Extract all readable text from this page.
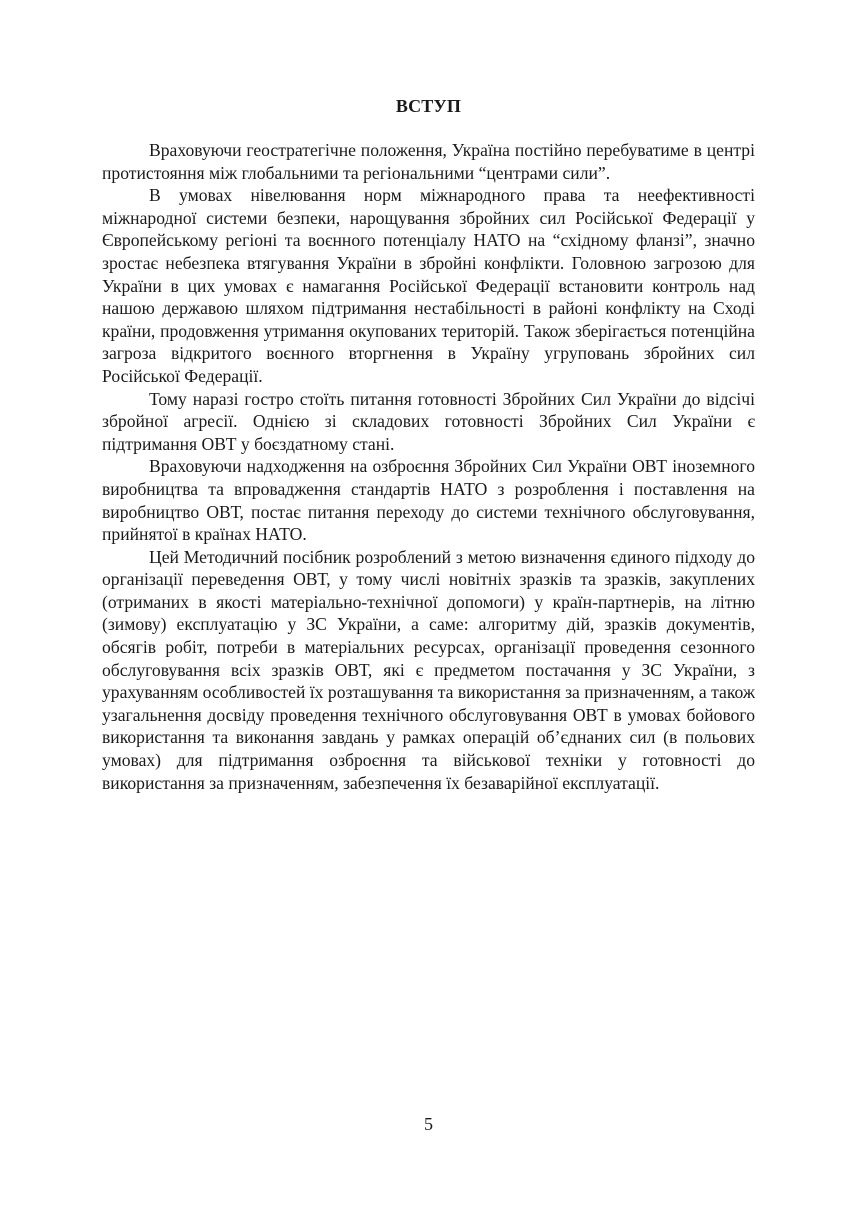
ВСТУП

Враховуючи геостратегічне положення, Україна постійно перебуватиме в центрі протистояння між глобальними та регіональними “центрами сили”.

В умовах нівелювання норм міжнародного права та неефективності міжнародної системи безпеки, нарощування збройних сил Російської Федерації у Європейському регіоні та воєнного потенціалу НАТО на “східному фланзі”, значно зростає небезпека втягування України в збройні конфлікти. Головною загрозою для України в цих умовах є намагання Російської Федерації встановити контроль над нашою державою шляхом підтримання нестабільності в районі конфлікту на Сході країни, продовження утримання окупованих територій. Також зберігається потенційна загроза відкритого воєнного вторгнення в Україну угруповань збройних сил Російської Федерації.

Тому наразі гостро стоїть питання готовності Збройних Сил України до відсічі збройної агресії. Однією зі складових готовності Збройних Сил України є підтримання ОВТ у боєздатному стані.

Враховуючи надходження на озброєння Збройних Сил України ОВТ іноземного виробництва та впровадження стандартів НАТО з розроблення і поставлення на виробництво ОВТ, постає питання переходу до системи технічного обслуговування, прийнятої в країнах НАТО.

Цей Методичний посібник розроблений з метою визначення єдиного підходу до організації переведення ОВТ, у тому числі новітніх зразків та зразків, закуплених (отриманих в якості матеріально-технічної допомоги) у країн-партнерів, на літню (зимову) експлуатацію у ЗС України, а саме: алгоритму дій, зразків документів, обсягів робіт, потреби в матеріальних ресурсах, організації проведення сезонного обслуговування всіх зразків ОВТ, які є предметом постачання у ЗС України, з урахуванням особливостей їх розташування та використання за призначенням, а також узагальнення досвіду проведення технічного обслуговування ОВТ в умовах бойового використання та виконання завдань у рамках операцій об’єднаних сил (в польових умовах) для підтримання озброєння та військової техніки у готовності до використання за призначенням, забезпечення їх безаварійної експлуатації.

5
